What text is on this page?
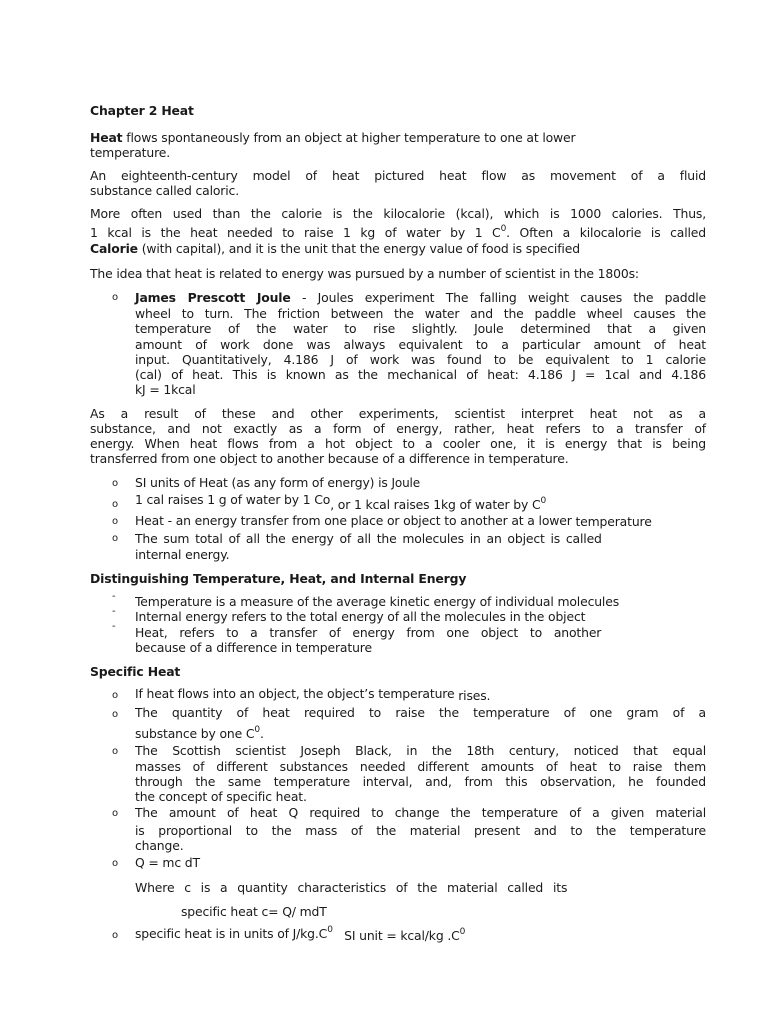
Chapter 2 Heat
Heat flows spontaneously from an object at higher temperature to one at lower
temperature.
An eighteenth-century model of heat pictured heat flow as movement of a fluid
substance called caloric.
More often used than the calorie is the kilocalorie (kcal), which is 1000 calories. Thus,
1 kcal is the heat needed to raise 1 kg of water by 1 $C^0$. Often a kilocalorie is called
Calorie (with capital), and it is the unit that the energy value of food is specified
The idea that heat is related to energy was pursued by a number of scientist in the 1800s:
o James Prescott Joule - Joules experiment The falling weight causes the paddle
wheel to turn. The friction between the water and the paddle wheel causes the
temperature of the water to rise slightly. Joule determined that a given
amount of work done was always equivalent to a particular amount of heat
input. Quantitatively, 4.186 J of work was found to be equivalent to 1 calorie
(cal) of heat. This is known as the mechanical of heat: 4.186 J = 1cal and 4.186
kJ = 1kcal
As a result of these and other experiments, scientist interpret heat not as a
substance, and not exactly as a form of energy, rather, heat refers to a transfer of
energy. When heat flows from a hot object to a cooler one, it is energy that is being
transferred from one object to another because of a difference in temperature.
o SI units of Heat (as any form of energy) is Joule
o 1 cal raises 1 g of water by 1 Co, or 1 kcal raises 1kg of water by $C^0$
o Heat - an energy transfer from one place or object to another at a lower temperature
o The sum total of all the energy of all the molecules in an object is called
internal energy.
Distinguishing Temperature, Heat, and Internal Energy
- Temperature is a measure of the average kinetic energy of individual molecules
- Internal energy refers to the total energy of all the molecules in the object
- Heat, refers to a transfer of energy from one object to another
because of a difference in temperature
Specific Heat
o If heat flows into an object, the object’s temperature rises.
o The quantity of heat required to raise the temperature of one gram of a
substance by one $C^0$.
o The Scottish scientist Joseph Black, in the 18th century, noticed that equal
masses of different substances needed different amounts of heat to raise them
through the same temperature interval, and, from this observation, he founded
the concept of specific heat.
o The amount of heat Q required to change the temperature of a given material
is proportional to the mass of the material present and to the temperature
change.
o Q = mc dT
Where c is a quantity characteristics of the material called its
specific heat c= Q/ mdT
o specific heat is in units of $J/kg.C^0$   SI unit = kcal/kg $.C^0$
